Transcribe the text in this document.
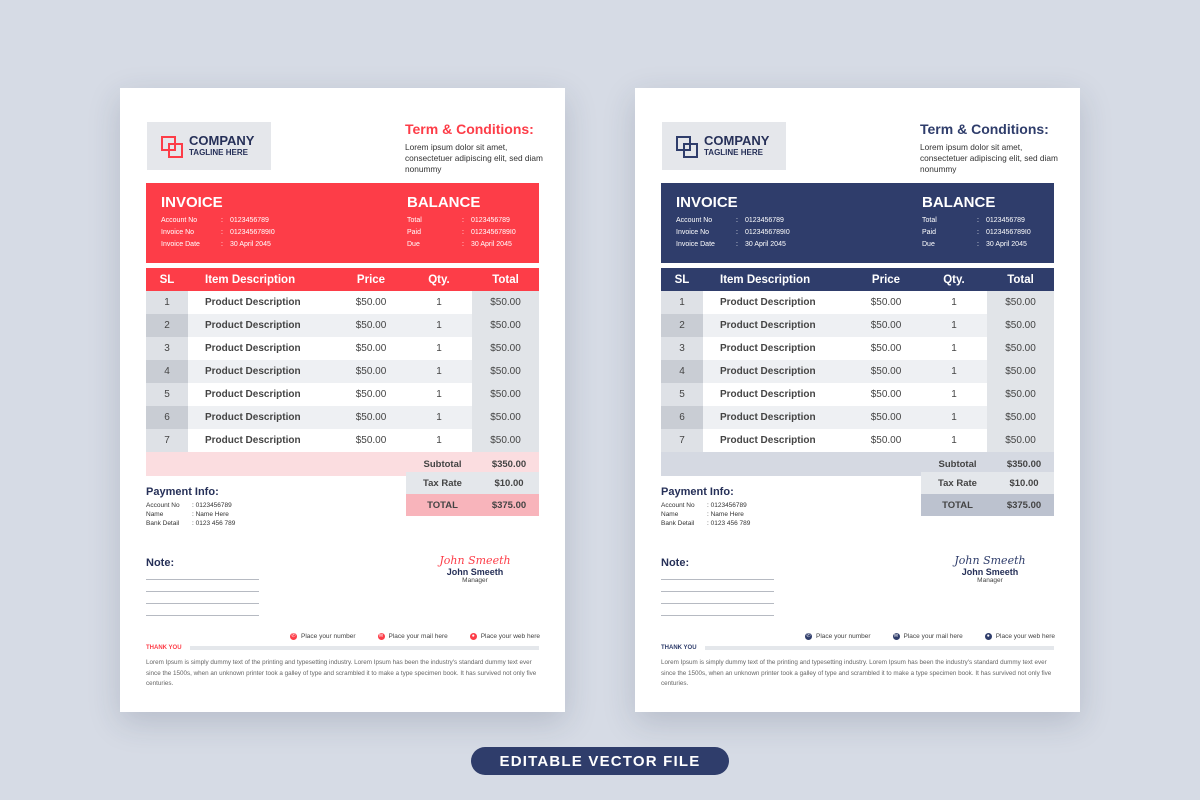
COMPANY
TAGLINE HERE
Term & Conditions:
Lorem ipsum dolor sit amet, consectetuer adipiscing elit, sed diam nonummy
INVOICE
Account No	:	0123456789
Invoice No	:	0123456789I0
Invoice Date	:	30 April 2045
BALANCE
Total	:	0123456789
Paid	:	0123456789I0
Due	:	30 April 2045
SL	Item Description	Price	Qty.	Total
1	Product Description	$50.00	1	$50.00
2	Product Description	$50.00	1	$50.00
3	Product Description	$50.00	1	$50.00
4	Product Description	$50.00	1	$50.00
5	Product Description	$50.00	1	$50.00
6	Product Description	$50.00	1	$50.00
7	Product Description	$50.00	1	$50.00
Subtotal	$350.00
Tax Rate	$10.00
TOTAL	$375.00
Payment Info:
Account No	: 0123456789
Name	: Name Here
Bank Detail	: 0123 456 789
Note:	John Smeeth
John Smeeth
Manager
✆ Place your number	✉ Place your mail here	● Place your web here
THANK YOU
Lorem Ipsum is simply dummy text of the printing and typesetting industry. Lorem Ipsum has been the industry's standard dummy text ever since the 1500s, when an unknown printer took a galley of type and scrambled it to make a type specimen book. It has survived not only five centuries.
COMPANY
TAGLINE HERE
Term & Conditions:
Lorem ipsum dolor sit amet, consectetuer adipiscing elit, sed diam nonummy
INVOICE
Account No	:	0123456789
Invoice No	:	0123456789I0
Invoice Date	:	30 April 2045
BALANCE
Total	:	0123456789
Paid	:	0123456789I0
Due	:	30 April 2045
SL	Item Description	Price	Qty.	Total
1	Product Description	$50.00	1	$50.00
2	Product Description	$50.00	1	$50.00
3	Product Description	$50.00	1	$50.00
4	Product Description	$50.00	1	$50.00
5	Product Description	$50.00	1	$50.00
6	Product Description	$50.00	1	$50.00
7	Product Description	$50.00	1	$50.00
Subtotal	$350.00
Tax Rate	$10.00
TOTAL	$375.00
Payment Info:
Account No	: 0123456789
Name	: Name Here
Bank Detail	: 0123 456 789
Note:	John Smeeth
John Smeeth
Manager
✆ Place your number	✉ Place your mail here	● Place your web here
THANK YOU
Lorem Ipsum is simply dummy text of the printing and typesetting industry. Lorem Ipsum has been the industry's standard dummy text ever since the 1500s, when an unknown printer took a galley of type and scrambled it to make a type specimen book. It has survived not only five centuries.
EDITABLE VECTOR FILE
